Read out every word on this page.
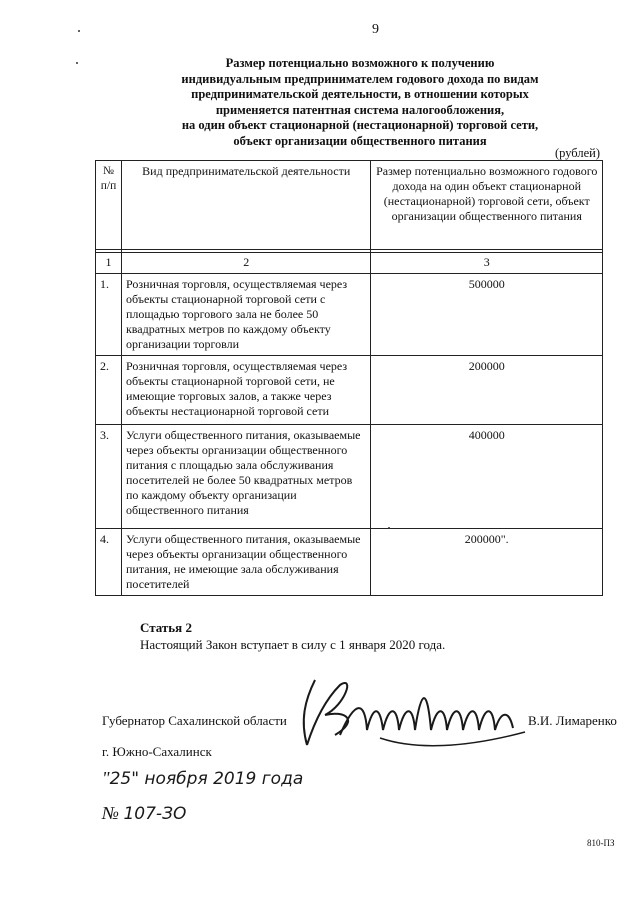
9
Размер потенциально возможного к получению
индивидуальным предпринимателем годового дохода по видам
предпринимательской деятельности, в отношении которых
применяется патентная система налогообложения,
на один объект стационарной (нестационарной) торговой сети,
объект организации общественного питания
(рублей)
№ п/п	Вид предпринимательской деятельности	Размер потенциально возможного годового дохода на один объект стационарной (нестационарной) торговой сети, объект организации общественного питания

1	2	3
1.	Розничная торговля, осуществляемая через объекты стационарной торговой сети с площадью торгового зала не более 50 квадратных метров по каждому объекту организации торговли	500000
2.	Розничная торговля, осуществляемая через объекты стационарной торговой сети, не имеющие торговых залов, а также через объекты нестационарной торговой сети	200000
3.	Услуги общественного питания, оказываемые через объекты организации общественного питания с площадью зала обслуживания посетителей не более 50 квадратных метров по каждому объекту организации общественного питания	400000
4.	Услуги общественного питания, оказываемые через объекты организации общественного питания, не имеющие зала обслуживания посетителей	200000".
Статья 2
Настоящий Закон вступает в силу с 1 января 2020 года.
Губернатор Сахалинской области	В.И. Лимаренко
г. Южно-Сахалинск
"25" ноября 2019 года
№ 107-ЗО
810-ПЗ
